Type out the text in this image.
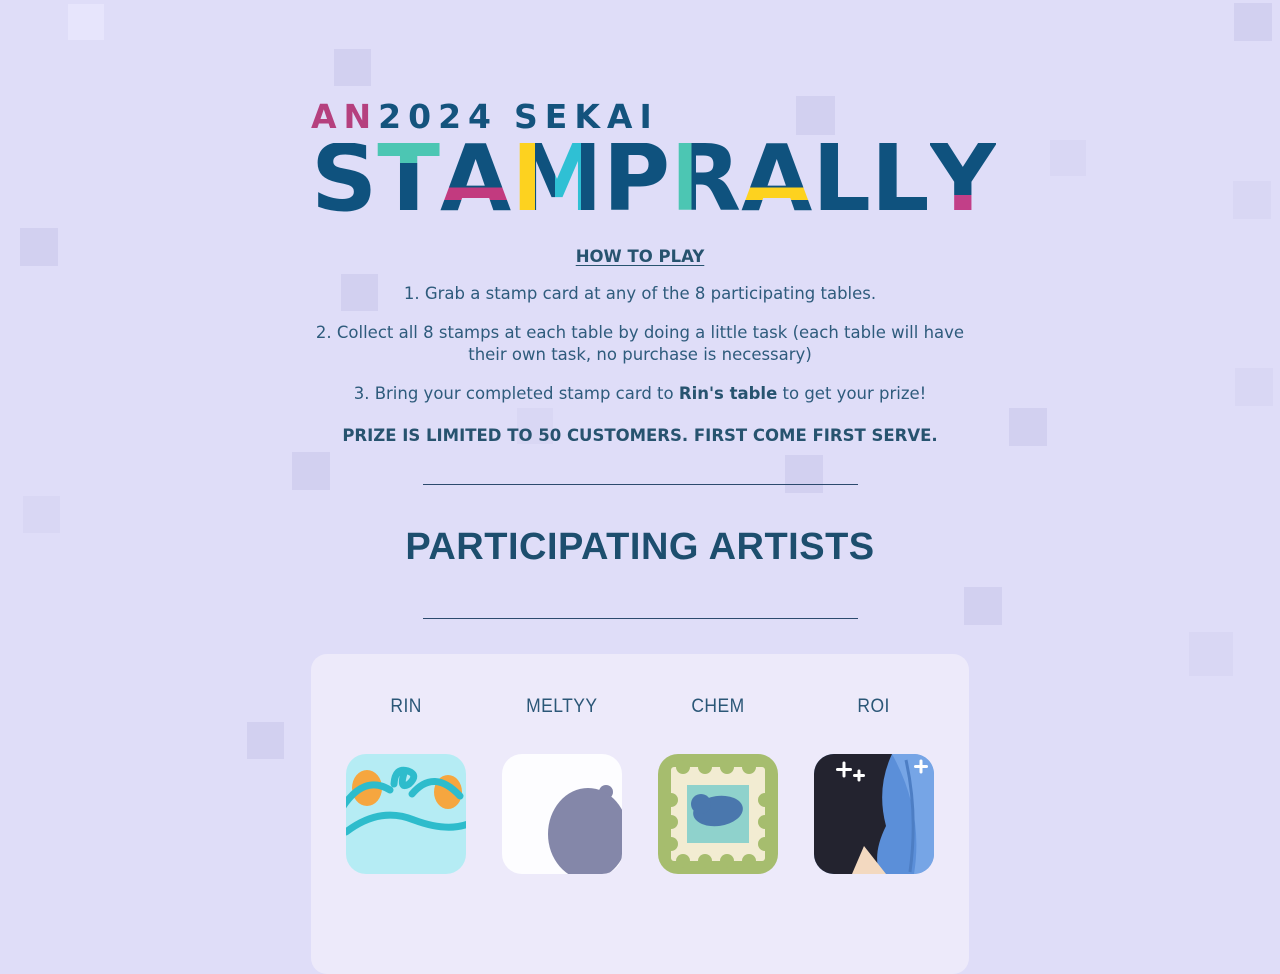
AN2024 SEKAI
S T A M P R A L L Y
HOW TO PLAY

1. Grab a stamp card at any of the 8 participating tables.

2. Collect all 8 stamps at each table by doing a little task (each table will have their own task, no purchase is necessary)

3. Bring your completed stamp card to Rin's table to get your prize!

PRIZE IS LIMITED TO 50 CUSTOMERS. FIRST COME FIRST SERVE.

PARTICIPATING ARTISTS
RIN	MELTYY	CHEM	ROI
